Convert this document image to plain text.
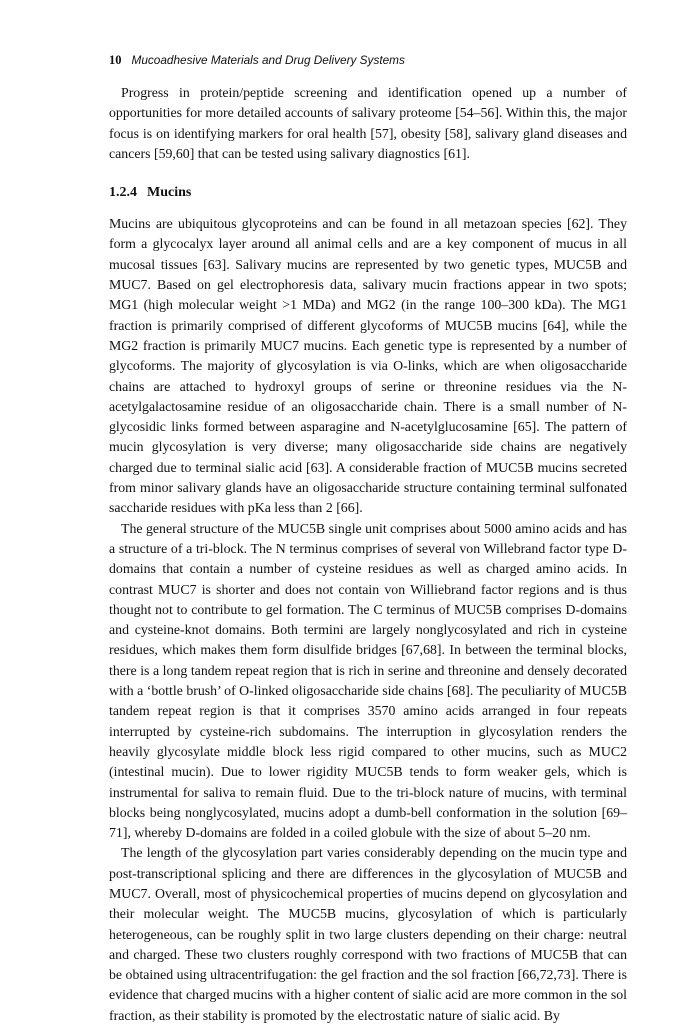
10 Mucoadhesive Materials and Drug Delivery Systems

Progress in protein/peptide screening and identification opened up a number of opportunities for more detailed accounts of salivary proteome [54–56]. Within this, the major focus is on identifying markers for oral health [57], obesity [58], salivary gland diseases and cancers [59,60] that can be tested using salivary diagnostics [61].

1.2.4 Mucins

Mucins are ubiquitous glycoproteins and can be found in all metazoan species [62]. They form a glycocalyx layer around all animal cells and are a key component of mucus in all mucosal tissues [63]. Salivary mucins are represented by two genetic types, MUC5B and MUC7. Based on gel electrophoresis data, salivary mucin fractions appear in two spots; MG1 (high molecular weight >1 MDa) and MG2 (in the range 100–300 kDa). The MG1 fraction is primarily comprised of different glycoforms of MUC5B mucins [64], while the MG2 fraction is primarily MUC7 mucins. Each genetic type is represented by a number of glycoforms. The majority of glycosylation is via O-links, which are when oligosaccharide chains are attached to hydroxyl groups of serine or threonine residues via the N-acetylgalactosamine residue of an oligosaccharide chain. There is a small number of N-glycosidic links formed between asparagine and N-acetylglucosamine [65]. The pattern of mucin glycosylation is very diverse; many oligosaccharide side chains are negatively charged due to terminal sialic acid [63]. A considerable fraction of MUC5B mucins secreted from minor salivary glands have an oligosaccharide structure containing terminal sulfonated saccharide residues with pKa less than 2 [66].

The general structure of the MUC5B single unit comprises about 5000 amino acids and has a structure of a tri-block. The N terminus comprises of several von Willebrand factor type D-domains that contain a number of cysteine residues as well as charged amino acids. In contrast MUC7 is shorter and does not contain von Williebrand factor regions and is thus thought not to contribute to gel formation. The C terminus of MUC5B comprises D-domains and cysteine-knot domains. Both termini are largely nonglycosylated and rich in cysteine residues, which makes them form disulfide bridges [67,68]. In between the terminal blocks, there is a long tandem repeat region that is rich in serine and threonine and densely decorated with a ‘bottle brush’ of O-linked oligosaccharide side chains [68]. The peculiarity of MUC5B tandem repeat region is that it comprises 3570 amino acids arranged in four repeats interrupted by cysteine-rich subdomains. The interruption in glycosylation renders the heavily glycosylate middle block less rigid compared to other mucins, such as MUC2 (intestinal mucin). Due to lower rigidity MUC5B tends to form weaker gels, which is instrumental for saliva to remain fluid. Due to the tri-block nature of mucins, with terminal blocks being nonglycosylated, mucins adopt a dumb-bell conformation in the solution [69–71], whereby D-domains are folded in a coiled globule with the size of about 5–20 nm.

The length of the glycosylation part varies considerably depending on the mucin type and post-transcriptional splicing and there are differences in the glycosylation of MUC5B and MUC7. Overall, most of physicochemical properties of mucins depend on glycosylation and their molecular weight. The MUC5B mucins, glycosylation of which is particularly heterogeneous, can be roughly split in two large clusters depending on their charge: neutral and charged. These two clusters roughly correspond with two fractions of MUC5B that can be obtained using ultracentrifugation: the gel fraction and the sol fraction [66,72,73]. There is evidence that charged mucins with a higher content of sialic acid are more common in the sol fraction, as their stability is promoted by the electrostatic nature of sialic acid. By
